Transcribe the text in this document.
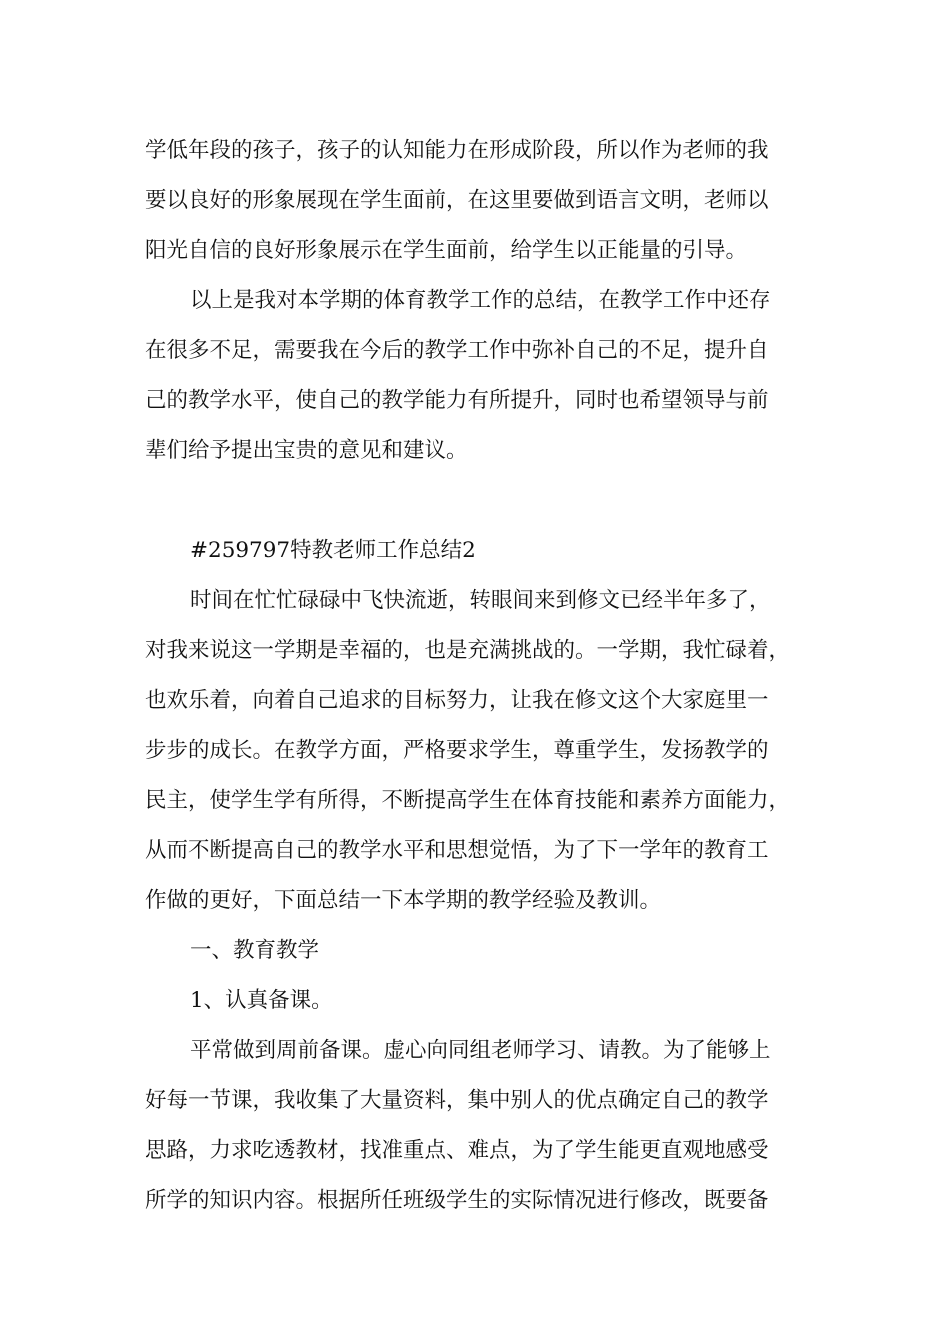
学低年段的孩子，孩子的认知能力在形成阶段，所以作为老师的我

要以良好的形象展现在学生面前，在这里要做到语言文明，老师以

阳光自信的良好形象展示在学生面前，给学生以正能量的引导。

以上是我对本学期的体育教学工作的总结，在教学工作中还存

在很多不足，需要我在今后的教学工作中弥补自己的不足，提升自

己的教学水平，使自己的教学能力有所提升，同时也希望领导与前

辈们给予提出宝贵的意见和建议。

#259797特教老师工作总结2

时间在忙忙碌碌中飞快流逝，转眼间来到修文已经半年多了，

对我来说这一学期是幸福的，也是充满挑战的。一学期，我忙碌着，

也欢乐着，向着自己追求的目标努力，让我在修文这个大家庭里一

步步的成长。在教学方面，严格要求学生，尊重学生，发扬教学的

民主，使学生学有所得，不断提高学生在体育技能和素养方面能力，

从而不断提高自己的教学水平和思想觉悟，为了下一学年的教育工

作做的更好，下面总结一下本学期的教学经验及教训。

一、教育教学

1、认真备课。

平常做到周前备课。虚心向同组老师学习、请教。为了能够上

好每一节课，我收集了大量资料，集中别人的优点确定自己的教学

思路，力求吃透教材，找准重点、难点，为了学生能更直观地感受

所学的知识内容。根据所任班级学生的实际情况进行修改，既要备
